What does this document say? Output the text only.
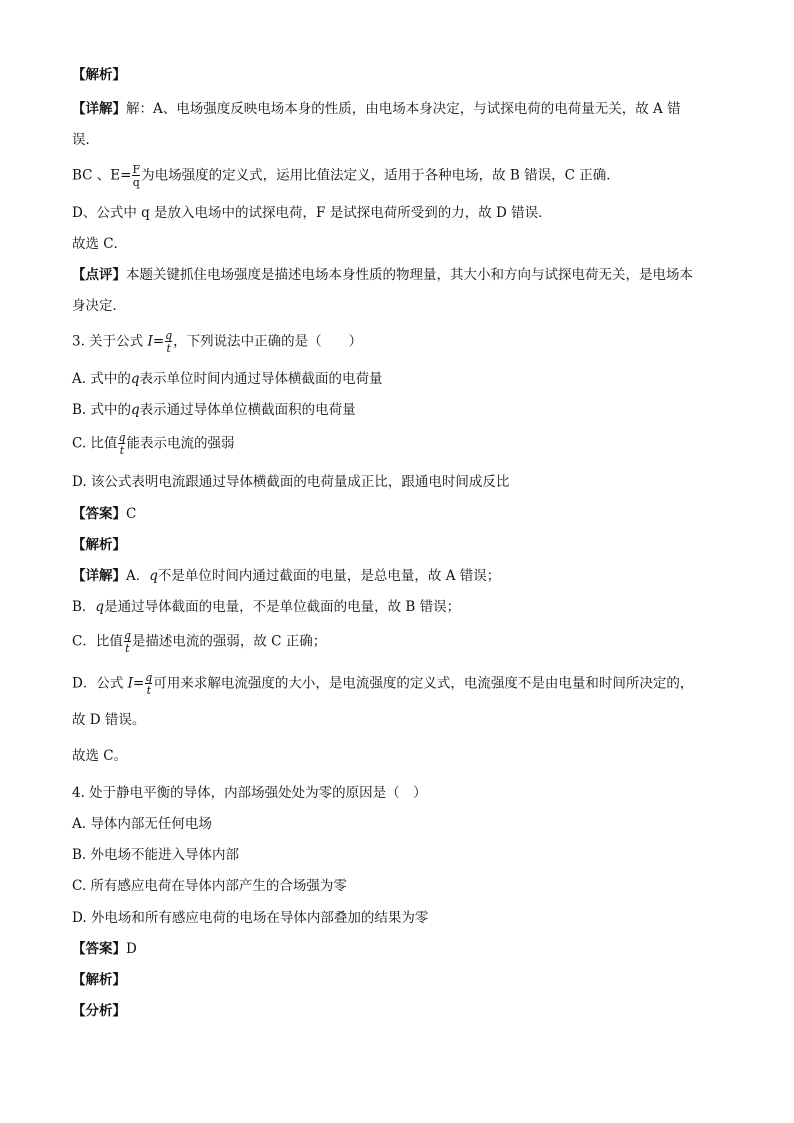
【解析】
【详解】解：A、电场强度反映电场本身的性质，由电场本身决定，与试探电荷的电荷量无关，故 A 错
误．
BC 、$E= \frac{F}{q}$ 为电场强度的定义式，运用比值法定义，适用于各种电场，故 B 错误，C 正确．
D、公式中 q 是放入电场中的试探电荷，F 是试探电荷所受到的力，故 D 错误．
故选 C．
【点评】本题关键抓住电场强度是描述电场本身性质的物理量，其大小和方向与试探电荷无关，是电场本
身决定．
3. 关于公式 $I= \frac{q}{t}$ ，下列说法中正确的是（　　）
A. 式中的q表示单位时间内通过导体横截面的电荷量
B. 式中的q表示通过导体单位横截面积的电荷量
C. 比值 $\frac{q}{t}$ 能表示电流的强弱
D. 该公式表明电流跟通过导体横截面的电荷量成正比，跟通电时间成反比
【答案】C
【解析】
【详解】A．q不是单位时间内通过截面的电量，是总电量，故 A 错误；
B．q是通过导体截面的电量，不是单位截面的电量，故 B 错误；
C．比值 $\frac{q}{t}$ 是描述电流的强弱，故 C 正确；
D．公式 $I= \frac{q}{t}$ 可用来求解电流强度的大小，是电流强度的定义式，电流强度不是由电量和时间所决定的，
故 D 错误。
故选 C。
4. 处于静电平衡的导体，内部场强处处为零的原因是（　）
A. 导体内部无任何电场
B. 外电场不能进入导体内部
C. 所有感应电荷在导体内部产生的合场强为零
D. 外电场和所有感应电荷的电场在导体内部叠加的结果为零
【答案】D
【解析】
【分析】
